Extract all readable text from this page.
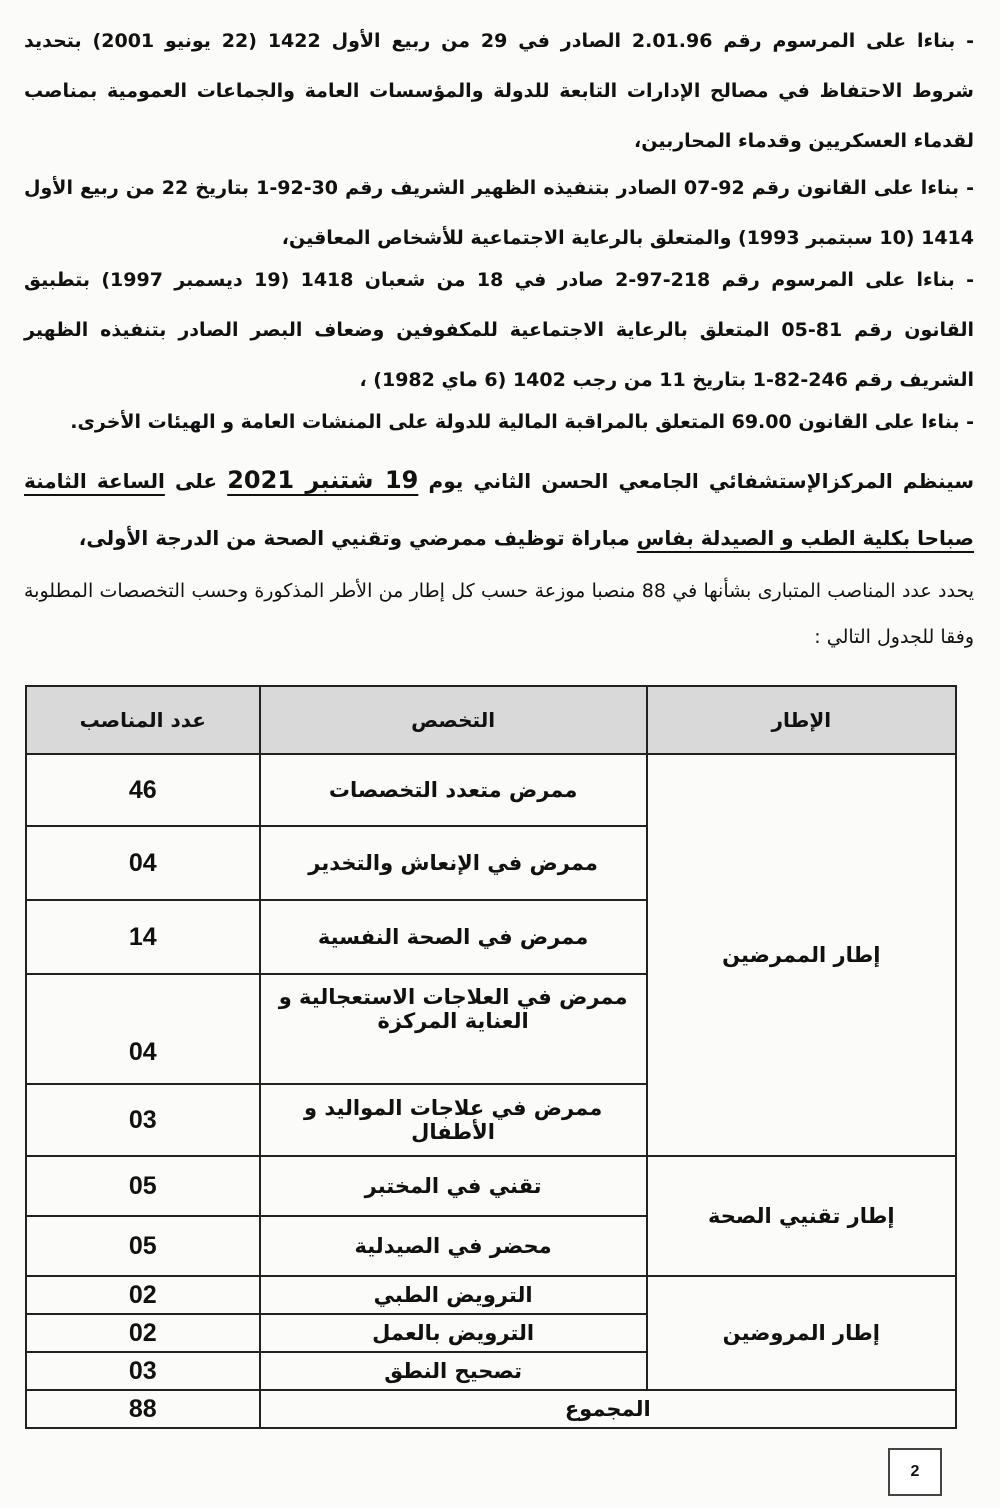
- بناءا على المرسوم رقم 2.01.96 الصادر في 29 من ربيع الأول 1422 (22 يونيو 2001) بتحديد شروط الاحتفاظ في مصالح الإدارات التابعة للدولة والمؤسسات العامة والجماعات العمومية بمناصب لقدماء العسكريين وقدماء المحاربين،
- بناءا على القانون رقم 92-07 الصادر بتنفيذه الظهير الشريف رقم 30-92-1 بتاريخ 22 من ربيع الأول 1414 (10 سبتمبر 1993) والمتعلق بالرعاية الاجتماعية للأشخاص المعاقين،
- بناءا على المرسوم رقم 218-97-2 صادر في 18 من شعبان 1418 (19 ديسمبر 1997) بتطبيق القانون رقم 81-05 المتعلق بالرعاية الاجتماعية للمكفوفين وضعاف البصر الصادر بتنفيذه الظهير الشريف رقم 246-82-1 بتاريخ 11 من رجب 1402 (6 ماي 1982) ،
- بناءا على القانون 69.00 المتعلق بالمراقبة المالية للدولة على المنشات العامة و الهيئات الأخرى.
سينظم المركزالإستشفائي الجامعي الحسن الثاني يوم 19 شتنبر 2021 على الساعة الثامنة صباحا بكلية الطب و الصيدلة بفاس مباراة توظيف ممرضي وتقنيي الصحة من الدرجة الأولى،
يحدد عدد المناصب المتبارى بشأنها في 88 منصبا موزعة حسب كل إطار من الأطر المذكورة وحسب التخصصات المطلوبة وفقا للجدول التالي :
الإطار	التخصص	عدد المناصب
إطار الممرضين	ممرض متعدد التخصصات	46
	ممرض في الإنعاش والتخدير	04
	ممرض في الصحة النفسية	14
	ممرض في العلاجات الاستعجالية و العناية المركزة	04
	ممرض في علاجات المواليد و الأطفال	03
إطار تقنيي الصحة	تقني في المختبر	05
	محضر في الصيدلية	05
إطار المروضين	الترويض الطبي	02
	الترويض بالعمل	02
	تصحيح النطق	03
المجموع		88
2
